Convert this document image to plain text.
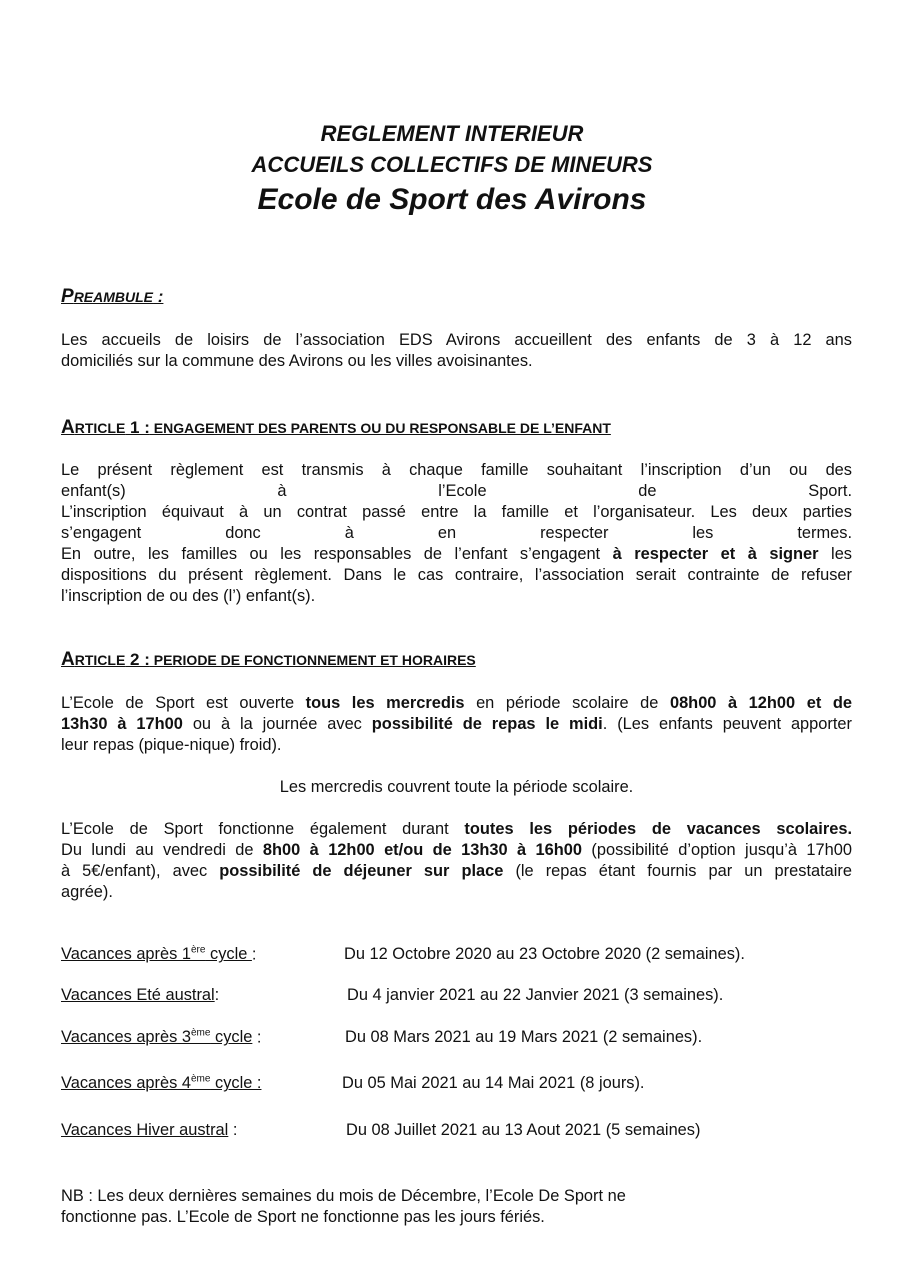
REGLEMENT INTERIEUR
ACCUEILS COLLECTIFS DE MINEURS
Ecole de Sport des Avirons
PREAMBULE :

Les accueils de loisirs de l’association EDS Avirons accueillent des enfants de 3 à 12 ans
domiciliés sur la commune des Avirons ou les villes avoisinantes.

ARTICLE 1 : ENGAGEMENT DES PARENTS OU DU RESPONSABLE DE L’ENFANT

Le présent règlement est transmis à chaque famille souhaitant l’inscription d’un ou des
enfant(s) à l’Ecole de Sport.
L’inscription équivaut à un contrat passé entre la famille et l’organisateur. Les deux parties
s’engagent donc à en respecter les termes.
En outre, les familles ou les responsables de l’enfant s’engagent à respecter et à signer les
dispositions du présent règlement. Dans le cas contraire, l’association serait contrainte de refuser
l’inscription de ou des (l’) enfant(s).

ARTICLE 2 : PERIODE DE FONCTIONNEMENT ET HORAIRES

L’Ecole de Sport est ouverte tous les mercredis en période scolaire de 08h00 à 12h00 et de
13h30 à 17h00 ou à la journée avec possibilité de repas le midi. (Les enfants peuvent apporter
leur repas (pique-nique) froid).

Les mercredis couvrent toute la période scolaire.

L’Ecole de Sport fonctionne également durant toutes les périodes de vacances scolaires.
Du lundi au vendredi de 8h00 à 12h00 et/ou de 13h30 à 16h00 (possibilité d’option jusqu’à 17h00
à 5€/enfant), avec possibilité de déjeuner sur place (le repas étant fournis par un prestataire
agrée).

Vacances après 1ère cycle :	Du 12 Octobre 2020 au 23 Octobre 2020 (2 semaines).
Vacances Eté austral:	Du 4 janvier 2021 au 22 Janvier 2021 (3 semaines).
Vacances après 3ème cycle :	Du 08 Mars 2021 au 19 Mars 2021 (2 semaines).
Vacances après 4ème cycle :	Du 05 Mai 2021 au 14 Mai 2021 (8 jours).
Vacances Hiver austral :	Du 08 Juillet 2021 au 13 Aout 2021 (5 semaines)

NB : Les deux dernières semaines du mois de Décembre, l’Ecole De Sport ne
fonctionne pas. L’Ecole de Sport ne fonctionne pas les jours fériés.
